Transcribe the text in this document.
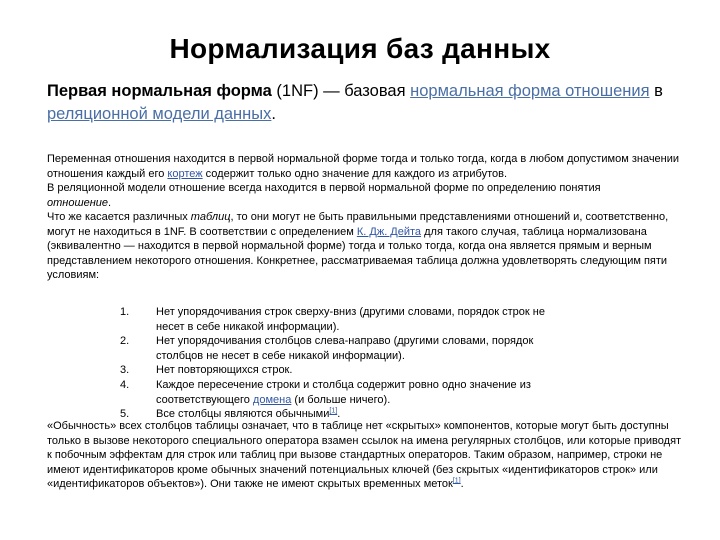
Нормализация баз данных
Первая нормальная форма (1NF) — базовая нормальная форма отношения в реляционной модели данных.

Переменная отношения находится в первой нормальной форме тогда и только тогда, когда в любом допустимом значении отношения каждый его кортеж содержит только одно значение для каждого из атрибутов.

В реляционной модели отношение всегда находится в первой нормальной форме по определению понятия
отношение.

Что же касается различных таблиц, то они могут не быть правильными представлениями отношений и, соответственно, могут не находиться в 1NF. В соответствии с определением К. Дж. Дейта для такого случая, таблица нормализована (эквивалентно — находится в первой нормальной форме) тогда и только тогда, когда она является прямым и верным представлением некоторого отношения. Конкретнее, рассматриваемая таблица должна удовлетворять следующим пяти условиям:

1.	Нет упорядочивания строк сверху-вниз (другими словами, порядок строк не несет в себе никакой информации).
2.	Нет упорядочивания столбцов слева-направо (другими словами, порядок столбцов не несет в себе никакой информации).
3.	Нет повторяющихся строк.
4.	Каждое пересечение строки и столбца содержит ровно одно значение из соответствующего домена (и больше ничего).
5.	Все столбцы являются обычными[1].

«Обычность» всех столбцов таблицы означает, что в таблице нет «скрытых» компонентов, которые могут быть доступны только в вызове некоторого специального оператора взамен ссылок на имена регулярных столбцов, или которые приводят к побочным эффектам для строк или таблиц при вызове стандартных операторов. Таким образом, например, строки не имеют идентификаторов кроме обычных значений потенциальных ключей (без скрытых «идентификаторов строк» или «идентификаторов объектов»). Они также не имеют скрытых временных меток[1].
